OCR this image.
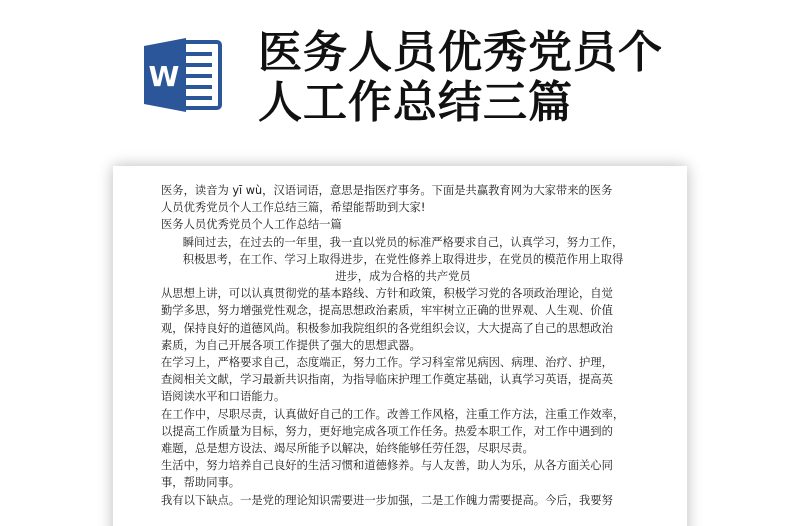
W 医务人员优秀党员个
人工作总结三篇
医务，读音为 yī wù，汉语词语，意思是指医疗事务。下面是共赢教育网为大家带来的医务
人员优秀党员个人工作总结三篇，希望能帮助到大家!
医务人员优秀党员个人工作总结一篇
瞬间过去，在过去的一年里，我一直以党员的标准严格要求自己，认真学习，努力工作，
积极思考，在工作、学习上取得进步，在党性修养上取得进步，在党员的模范作用上取得
进步，成为合格的共产党员
从思想上讲，可以认真贯彻党的基本路线、方针和政策，积极学习党的各项政治理论，自觉
勤学多思，努力增强党性观念，提高思想政治素质，牢牢树立正确的世界观、人生观、价值
观，保持良好的道德风尚。积极参加我院组织的各党组织会议，大大提高了自己的思想政治
素质，为自己开展各项工作提供了强大的思想武器。
在学习上，严格要求自己，态度端正，努力工作。学习科室常见病因、病理、治疗、护理，
查阅相关文献，学习最新共识指南，为指导临床护理工作奠定基础，认真学习英语，提高英
语阅读水平和口语能力。
在工作中，尽职尽责，认真做好自己的工作。改善工作风格，注重工作方法，注重工作效率，
以提高工作质量为目标，努力，更好地完成各项工作任务。热爱本职工作，对工作中遇到的
难题，总是想方设法、竭尽所能予以解决，始终能够任劳任怨，尽职尽责。
生活中，努力培养自己良好的生活习惯和道德修养。与人友善，助人为乐，从各方面关心同
事，帮助同事。
我有以下缺点。一是党的理论知识需要进一步加强，二是工作魄力需要提高。今后，我要努
